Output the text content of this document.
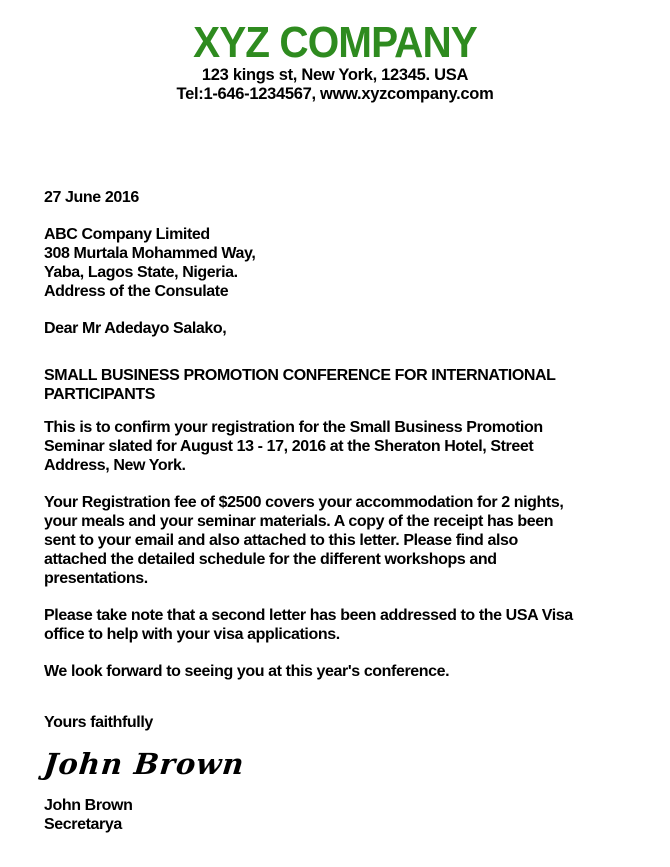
XYZ COMPANY
123 kings st, New York, 12345. USA
Tel:1-646-1234567, www.xyzcompany.com

27 June 2016

ABC Company Limited
308 Murtala Mohammed Way,
Yaba, Lagos State, Nigeria.
Address of the Consulate

Dear Mr Adedayo Salako,

SMALL BUSINESS PROMOTION CONFERENCE FOR INTERNATIONAL PARTICIPANTS

This is to confirm your registration for the Small Business Promotion Seminar slated for August 13 - 17, 2016 at the Sheraton Hotel, Street Address, New York.

Your Registration fee of $2500 covers your accommodation for 2 nights, your meals and your seminar materials. A copy of the receipt has been sent to your email and also attached to this letter. Please find also attached the detailed schedule for the different workshops and presentations.

Please take note that a second letter has been addressed to the USA Visa office to help with your visa applications.

We look forward to seeing you at this year's conference.

Yours faithfully

John Brown
John Brown
Secretarya
